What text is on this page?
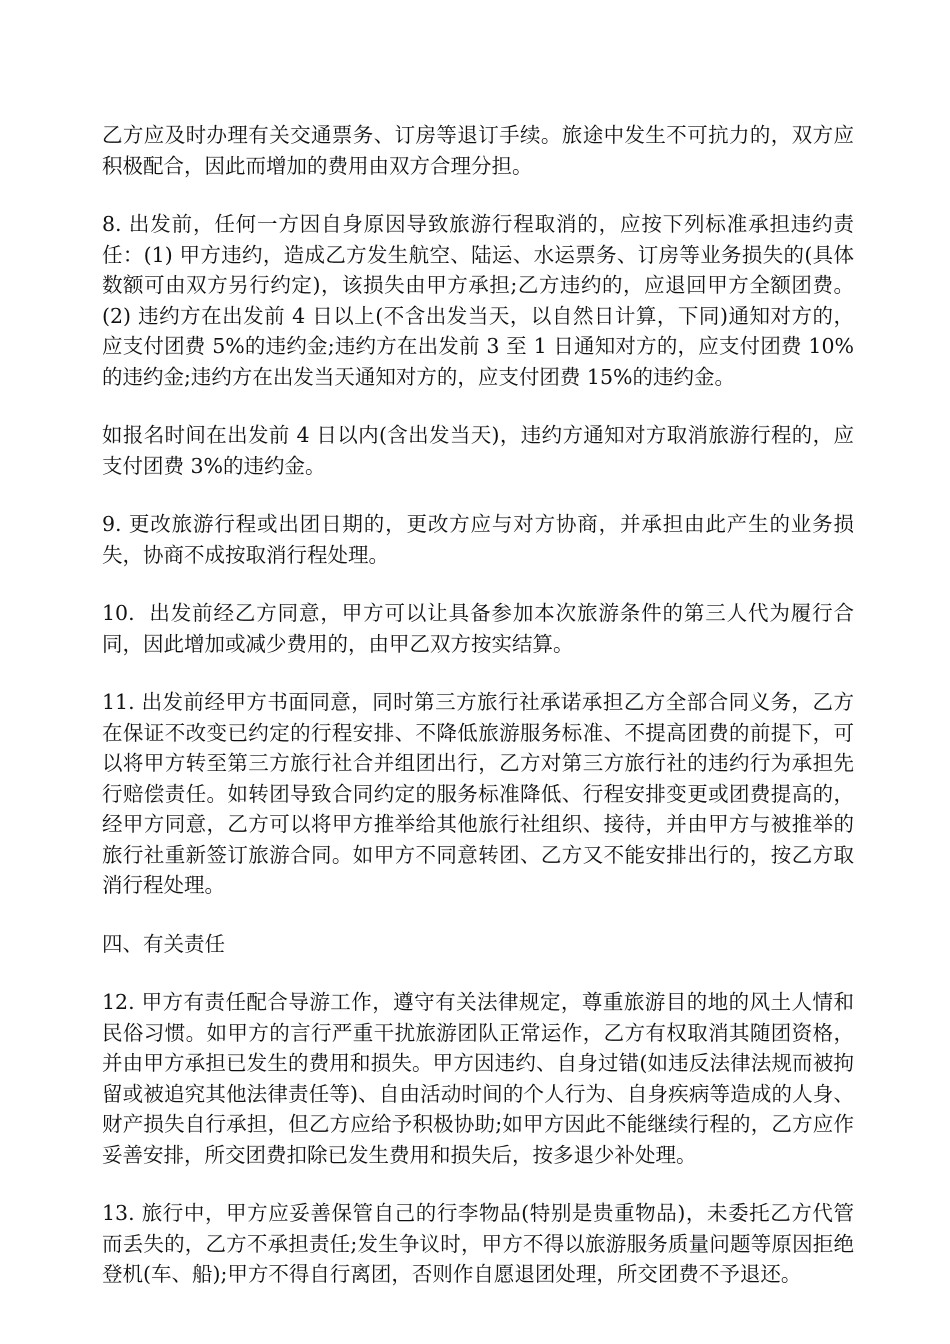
乙方应及时办理有关交通票务、订房等退订手续。旅途中发生不可抗力的，双方应积极配合，因此而增加的费用由双方合理分担。

8. 出发前，任何一方因自身原因导致旅游行程取消的，应按下列标准承担违约责任：(1) 甲方违约，造成乙方发生航空、陆运、水运票务、订房等业务损失的(具体数额可由双方另行约定)，该损失由甲方承担;乙方违约的，应退回甲方全额团费。(2) 违约方在出发前 4 日以上(不含出发当天，以自然日计算，下同)通知对方的，应支付团费 5%的违约金;违约方在出发前 3 至 1 日通知对方的，应支付团费 10%的违约金;违约方在出发当天通知对方的，应支付团费 15%的违约金。

如报名时间在出发前 4 日以内(含出发当天)，违约方通知对方取消旅游行程的，应支付团费 3%的违约金。

9. 更改旅游行程或出团日期的，更改方应与对方协商，并承担由此产生的业务损失，协商不成按取消行程处理。

10.  出发前经乙方同意，甲方可以让具备参加本次旅游条件的第三人代为履行合同，因此增加或减少费用的，由甲乙双方按实结算。

11. 出发前经甲方书面同意，同时第三方旅行社承诺承担乙方全部合同义务，乙方在保证不改变已约定的行程安排、不降低旅游服务标准、不提高团费的前提下，可以将甲方转至第三方旅行社合并组团出行，乙方对第三方旅行社的违约行为承担先行赔偿责任。如转团导致合同约定的服务标准降低、行程安排变更或团费提高的，经甲方同意，乙方可以将甲方推举给其他旅行社组织、接待，并由甲方与被推举的旅行社重新签订旅游合同。如甲方不同意转团、乙方又不能安排出行的，按乙方取消行程处理。

四、有关责任

12. 甲方有责任配合导游工作，遵守有关法律规定，尊重旅游目的地的风土人情和民俗习惯。如甲方的言行严重干扰旅游团队正常运作，乙方有权取消其随团资格，并由甲方承担已发生的费用和损失。甲方因违约、自身过错(如违反法律法规而被拘留或被追究其他法律责任等)、自由活动时间的个人行为、自身疾病等造成的人身、财产损失自行承担，但乙方应给予积极协助;如甲方因此不能继续行程的，乙方应作妥善安排，所交团费扣除已发生费用和损失后，按多退少补处理。

13. 旅行中，甲方应妥善保管自己的行李物品(特别是贵重物品)，未委托乙方代管而丢失的，乙方不承担责任;发生争议时，甲方不得以旅游服务质量问题等原因拒绝登机(车、船);甲方不得自行离团，否则作自愿退团处理，所交团费不予退还。
